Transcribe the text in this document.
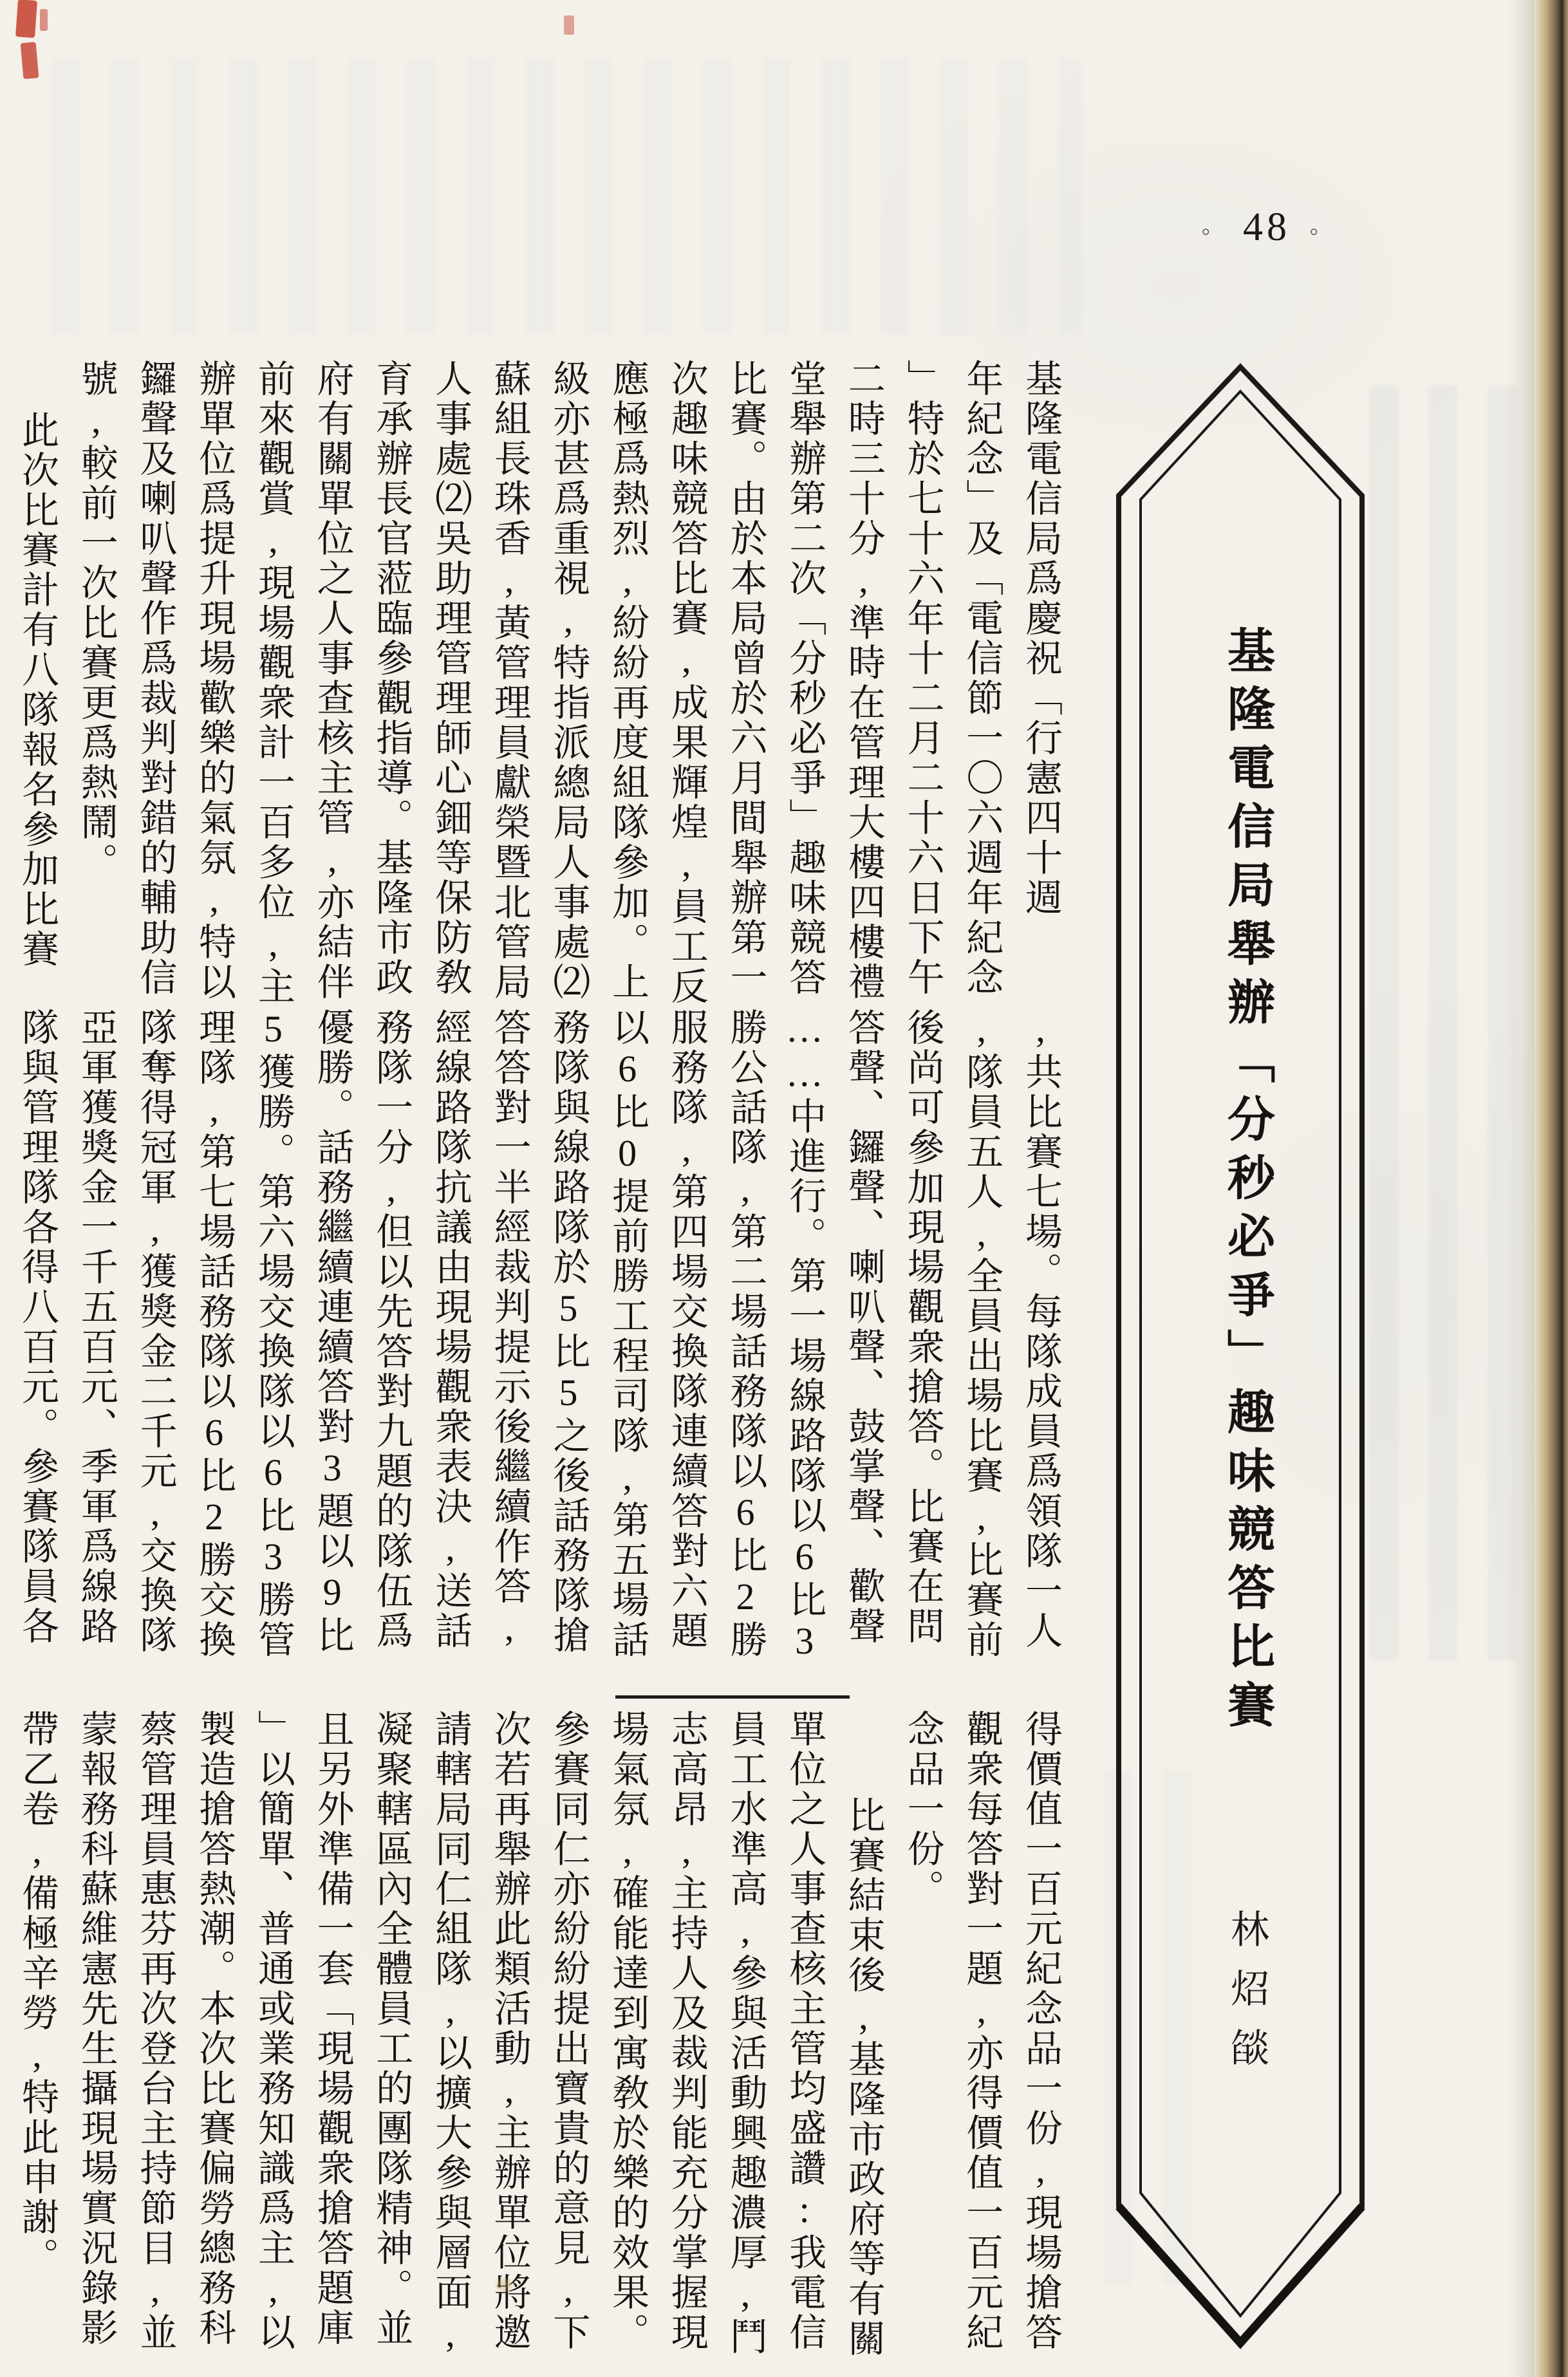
。 48 。
基隆電信局舉辦「分秒必爭」趣味競答比賽
林炤燄
基隆電信局爲慶祝「行憲四十週
年紀念」及「電信節一〇六週年紀念
」特於七十六年十二月二十六日下午
二時三十分,準時在管理大樓四樓禮
堂舉辦第二次「分秒必爭」趣味競答
比賽。由於本局曾於六月間舉辦第一
次趣味競答比賽,成果輝煌,員工反
應極爲熱烈,紛紛再度組隊參加。上
級亦甚爲重視,特指派總局人事處⑵
蘇組長珠香,黃管理員獻榮暨北管局
人事處⑵吳助理管理師心鈿等保防敎
育承辦長官蒞臨參觀指導。基隆市政
府有關單位之人事查核主管,亦結伴
前來觀賞,現場觀衆計一百多位,主
辦單位爲提升現場歡樂的氣氛,特以
鑼聲及喇叭聲作爲裁判對錯的輔助信
號,較前一次比賽更爲熱鬧。
此次比賽計有八隊報名參加比賽
,共比賽七場。每隊成員爲領隊一人
,隊員五人,全員出場比賽,比賽前
後尚可參加現場觀衆搶答。比賽在問
答聲、鑼聲、喇叭聲、鼓掌聲、歡聲
……中進行。第一場線路隊以6比3
勝公話隊,第二場話務隊以6比2勝
服務隊,第四場交換隊連續答對六題
以6比0提前勝工程司隊,第五場話
務隊與線路隊於5比5之後話務隊搶
答答對一半經裁判提示後繼續作答,
經線路隊抗議由現場觀衆表決,送話
務隊一分,但以先答對九題的隊伍爲
優勝。話務繼續連續答對3題以9比
5獲勝。第六場交換隊以6比3勝管
理隊,第七場話務隊以6比2勝交換
隊奪得冠軍,獲獎金二千元,交換隊
亞軍獲獎金一千五百元、季軍爲線路
隊與管理隊各得八百元。參賽隊員各
得價值一百元紀念品一份,現場搶答
觀衆每答對一題,亦得價值一百元紀
念品一份。
比賽結束後,基隆市政府等有關
單位之人事查核主管均盛讚:我電信
員工水準高,參與活動興趣濃厚,鬥
志高昂,主持人及裁判能充分掌握現
場氣氛,確能達到寓敎於樂的效果。
參賽同仁亦紛紛提出寶貴的意見,下
次若再舉辦此類活動,主辦單位將邀
請轄局同仁組隊,以擴大參與層面,
凝聚轄區內全體員工的團隊精神。並
且另外準備一套「現場觀衆搶答題庫
」以簡單、普通或業務知識爲主,以
製造搶答熱潮。本次比賽偏勞總務科
蔡管理員惠芬再次登台主持節目,並
蒙報務科蘇維憲先生攝現場實況錄影
帶乙卷,備極辛勞,特此申謝。
